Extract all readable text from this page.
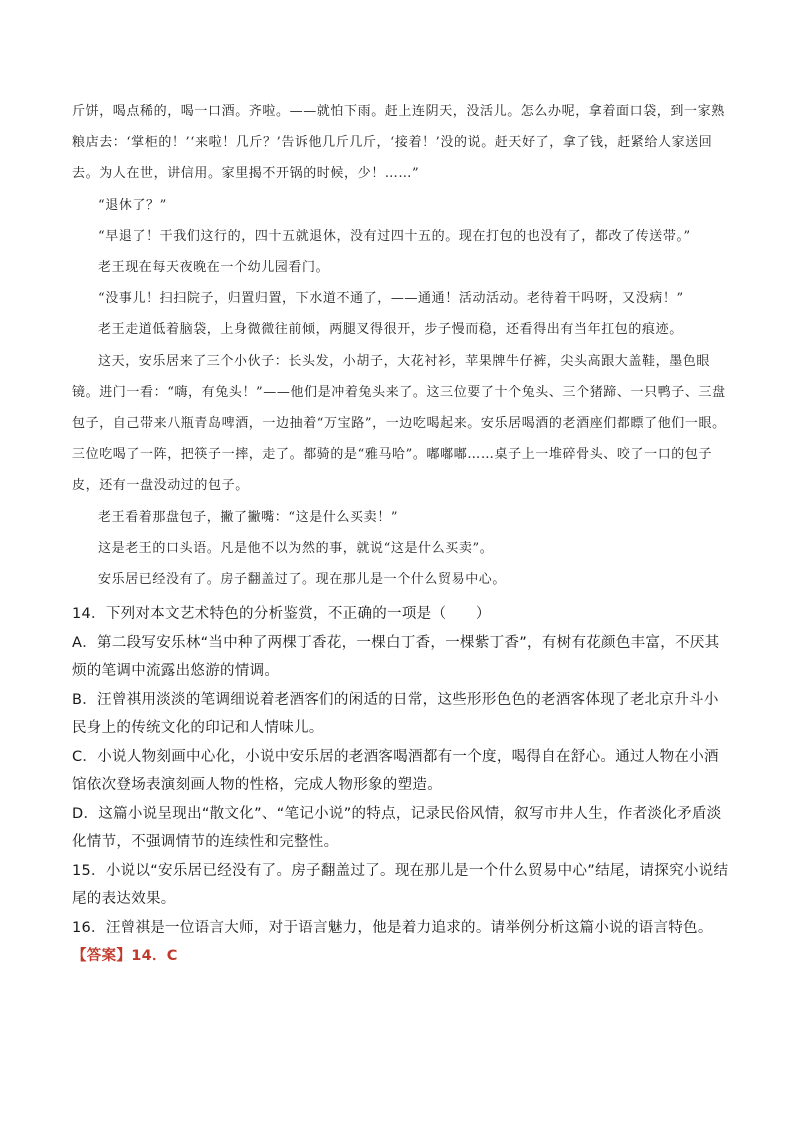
斤饼，喝点稀的，喝一口酒。齐啦。——就怕下雨。赶上连阴天，没活儿。怎么办呢，拿着面口袋，到一家熟粮店去：‘掌柜的！’‘来啦！几斤？’告诉他几斤几斤，‘接着！’没的说。赶天好了，拿了钱，赶紧给人家送回去。为人在世，讲信用。家里揭不开锅的时候，少！……”

“退休了？”

“早退了！干我们这行的，四十五就退休，没有过四十五的。现在打包的也没有了，都改了传送带。”

老王现在每天夜晚在一个幼儿园看门。

“没事儿！扫扫院子，归置归置，下水道不通了，——通通！活动活动。老待着干吗呀，又没病！”

老王走道低着脑袋，上身微微往前倾，两腿叉得很开，步子慢而稳，还看得出有当年扛包的痕迹。

这天，安乐居来了三个小伙子：长头发，小胡子，大花衬衫，苹果牌牛仔裤，尖头高跟大盖鞋，墨色眼镜。进门一看：“嗨，有兔头！”——他们是冲着兔头来了。这三位要了十个兔头、三个猪蹄、一只鸭子、三盘包子，自己带来八瓶青岛啤酒，一边抽着“万宝路”，一边吃喝起来。安乐居喝酒的老酒座们都瞟了他们一眼。三位吃喝了一阵，把筷子一摔，走了。都骑的是“雅马哈”。嘟嘟嘟……桌子上一堆碎骨头、咬了一口的包子皮，还有一盘没动过的包子。

老王看着那盘包子，撇了撇嘴：“这是什么买卖！”

这是老王的口头语。凡是他不以为然的事，就说“这是什么买卖”。

安乐居已经没有了。房子翻盖过了。现在那儿是一个什么贸易中心。

14．下列对本文艺术特色的分析鉴赏，不正确的一项是（　　）

A．第二段写安乐林“当中种了两棵丁香花，一棵白丁香，一棵紫丁香”，有树有花颜色丰富，不厌其烦的笔调中流露出悠游的情调。

B．汪曾祺用淡淡的笔调细说着老酒客们的闲适的日常，这些形形色色的老酒客体现了老北京升斗小民身上的传统文化的印记和人情味儿。

C．小说人物刻画中心化，小说中安乐居的老酒客喝酒都有一个度，喝得自在舒心。通过人物在小酒馆依次登场表演刻画人物的性格，完成人物形象的塑造。

D．这篇小说呈现出“散文化”、“笔记小说”的特点，记录民俗风情，叙写市井人生，作者淡化矛盾淡化情节，不强调情节的连续性和完整性。

15．小说以“安乐居已经没有了。房子翻盖过了。现在那儿是一个什么贸易中心”结尾，请探究小说结尾的表达效果。

16．汪曾祺是一位语言大师，对于语言魅力，他是着力追求的。请举例分析这篇小说的语言特色。

【答案】14．C
